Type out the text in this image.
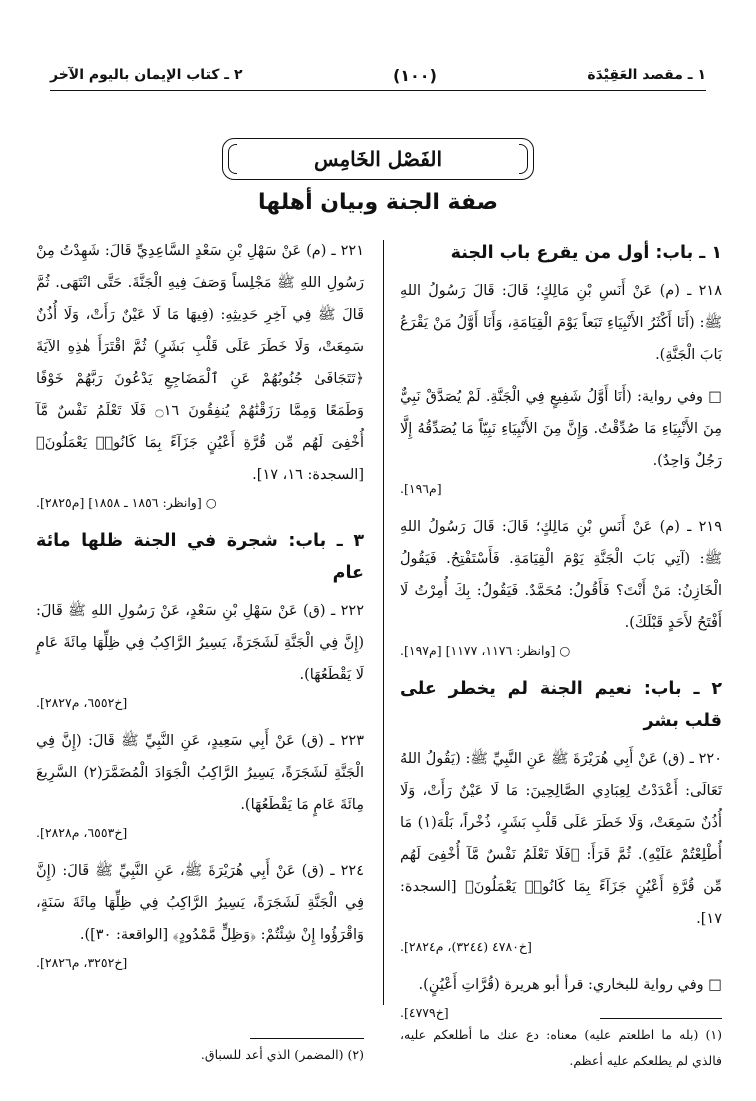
١ ـ مقصد العَقِيْدَة
(١٠٠)
٢ ـ كتاب الإيمان باليوم الآخر
الفَصْل الخَامِس
صفة الجنة وبيان أهلها
١ ـ باب: أول من يقرع باب الجنة

٢١٨ ـ (م) عَنْ أَنَسِ بْنِ مَالِكٍ؛ قَالَ: قَالَ رَسُولُ اللهِ ﷺ: (أَنَا أَكْثَرُ الأَنْبِيَاءِ تَبَعاً يَوْمَ الْقِيَامَةِ، وَأَنَا أَوَّلُ مَنْ يَقْرَعُ بَابَ الْجَنَّةِ).

□ وفي رواية: (أَنَا أَوَّلُ شَفِيعٍ فِي الْجَنَّةِ. لَمْ يُصَدَّقْ نَبِيٌّ مِنَ الأَنْبِيَاءِ مَا صُدِّقْتُ. وَإِنَّ مِنَ الأَنْبِيَاءِ نَبِيّاً مَا يُصَدِّقُهُ إِلَّا رَجُلٌ وَاحِدٌ).
[م١٩٦].

٢١٩ ـ (م) عَنْ أَنَسِ بْنِ مَالِكٍ؛ قَالَ: قَالَ رَسُولُ اللهِ ﷺ: (آتِي بَابَ الْجَنَّةِ يَوْمَ الْقِيَامَةِ. فَأَسْتَفْتِحُ. فَيَقُولُ الْخَازِنُ: مَنْ أَنْتَ؟ فَأَقُولُ: مُحَمَّدٌ. فَيَقُولُ: بِكَ أُمِرْتُ لَا أَفْتَحُ لأَحَدٍ قَبْلَكَ).
○ [وانظر: ١١٧٦، ١١٧٧] [م١٩٧].

٢ ـ باب: نعيم الجنة لم يخطر على قلب بشر

٢٢٠ ـ (ق) عَنْ أَبِي هُرَيْرَةَ ﷺ عَنِ النَّبِيِّ ﷺ: (يَقُولُ اللهُ تَعَالَى: أَعْدَدْتُ لِعِبَادِي الصَّالِحِينَ: مَا لَا عَيْنٌ رَأَتْ، وَلَا أُذُنٌ سَمِعَتْ، وَلَا خَطَرَ عَلَى قَلْبِ بَشَرٍ، ذُخْراً، بَلْهَ(١) مَا أُطْلِعْتُمْ عَلَيْهِ). ثُمَّ قَرَأَ: ﴿فَلَا تَعْلَمُ نَفْسٌ مَّآ أُخْفِىَ لَهُم مِّن قُرَّةِ أَعْيُنٍ جَزَآءً بِمَا كَانُوا۟ يَعْمَلُونَ﴾ [السجدة: ١٧].
[خ٤٧٨٠ (٣٢٤٤)، م٢٨٢٤].

□ وفي رواية للبخاري: قرأ أبو هريرة (قُرَّاتِ أَعْيُنٍ).
[خ٤٧٧٩].

٢٢١ ـ (م) عَنْ سَهْلِ بْنِ سَعْدٍ السَّاعِدِيِّ قَالَ: شَهِدْتُ مِنْ رَسُولِ اللهِ ﷺ مَجْلِساً وَصَفَ فِيهِ الْجَنَّةَ. حَتَّى انْتَهَى. ثُمَّ قَالَ ﷺ فِي آخِرِ حَدِيثِهِ: (فِيهَا مَا لَا عَيْنٌ رَأَتْ، وَلَا أُذُنٌ سَمِعَتْ، وَلَا خَطَرَ عَلَى قَلْبِ بَشَرٍ) ثُمَّ اقْتَرَأَ هٰذِهِ الآيَةَ ﴿تَتَجَافَىٰ جُنُوبُهُمْ عَنِ ٱلْمَضَاجِعِ يَدْعُونَ رَبَّهُمْ خَوْفًا وَطَمَعًا وَمِمَّا رَزَقْنَٰهُمْ يُنفِقُونَ ۝١٦ فَلَا تَعْلَمُ نَفْسٌ مَّآ أُخْفِىَ لَهُم مِّن قُرَّةِ أَعْيُنٍ جَزَآءً بِمَا كَانُوا۟ يَعْمَلُونَ﴾ [السجدة: ١٦، ١٧].
○ [وانظر: ١٨٥٦ ـ ١٨٥٨] [م٢٨٢٥].

٣ ـ باب: شجرة في الجنة ظلها مائة عام

٢٢٢ ـ (ق) عَنْ سَهْلِ بْنِ سَعْدٍ، عَنْ رَسُولِ اللهِ ﷺ قَالَ: (إِنَّ فِي الْجَنَّةِ لَشَجَرَةً، يَسِيرُ الرَّاكِبُ فِي ظِلِّهَا مِائَةَ عَامٍ لَا يَقْطَعُهَا).
[خ٦٥٥٢، م٢٨٢٧].

٢٢٣ ـ (ق) عَنْ أَبِي سَعِيدٍ، عَنِ النَّبِيِّ ﷺ قَالَ: (إِنَّ فِي الْجَنَّةِ لَشَجَرَةً، يَسِيرُ الرَّاكِبُ الْجَوَادَ الْمُضَمَّرَ(٢) السَّرِيعَ مِائَةَ عَامٍ مَا يَقْطَعُهَا).
[خ٦٥٥٣، م٢٨٢٨].

٢٢٤ ـ (ق) عَنْ أَبِي هُرَيْرَةَ ﷺ، عَنِ النَّبِيِّ ﷺ قَالَ: (إِنَّ فِي الْجَنَّةِ لَشَجَرَةً، يَسِيرُ الرَّاكِبُ فِي ظِلِّهَا مِائَةَ سَنَةٍ، وَاقْرَؤُوا إِنْ شِئْتُمْ: ﴿وَظِلٍّ مَّمْدُودٍ﴾ [الواقعة: ٣٠]).
[خ٣٢٥٢، م٢٨٢٦].

(١) (بله ما اطلعتم عليه) معناه: دع عنك ما أطلعكم عليه، فالذي لم يطلعكم عليه أعظم.
(٢) (المضمر) الذي أعد للسباق.
